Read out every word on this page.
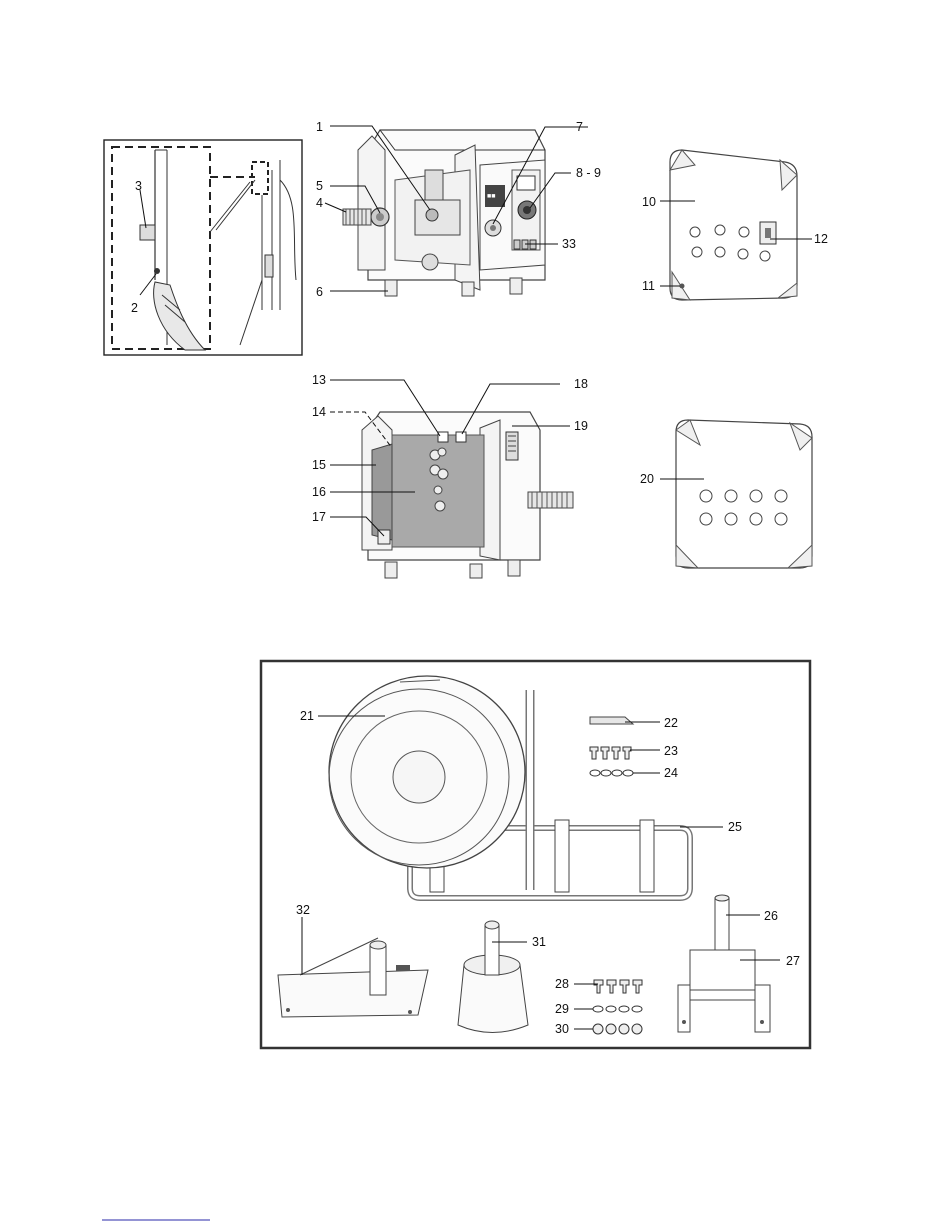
■■
1
2
3
4
5
6
7
8 - 9
10
11
12
13
14
15
16
17
18
19
20
21	22
23
24
25
26
27
28
29
30
31
32
33
